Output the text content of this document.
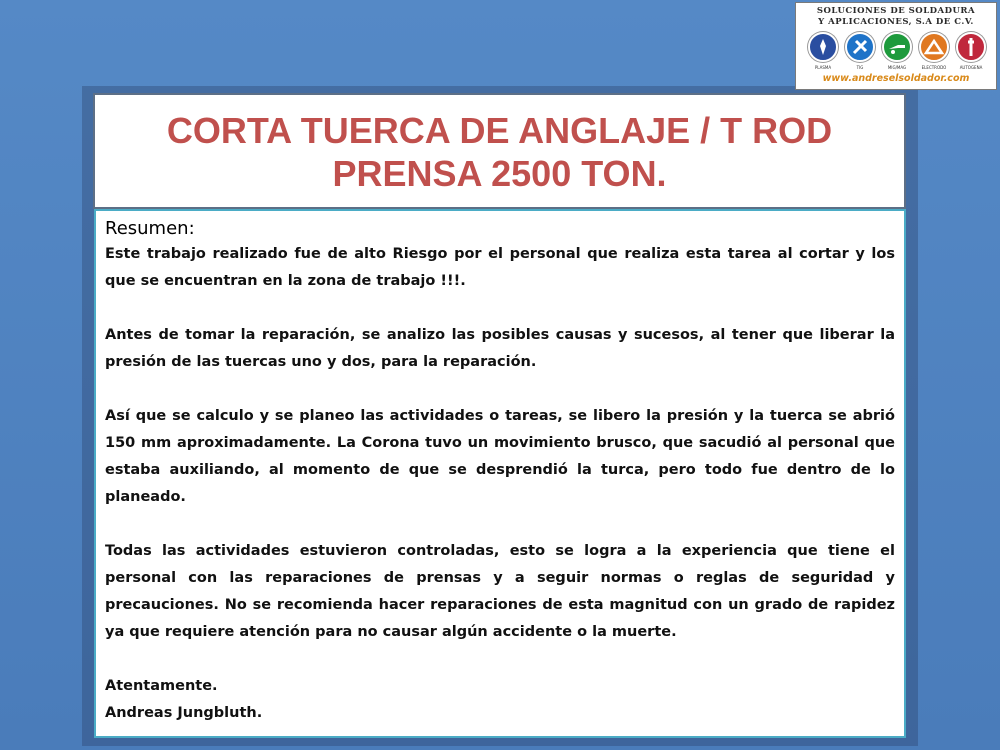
SOLUCIONES DE SOLDADURA
Y APLICACIONES, S.A DE C.V.
PLASMA	TIG	MIG/MAG	ELECTRODO	AUTOGENA
www.andreselsoldador.com
CORTA TUERCA DE ANGLAJE / T ROD
PRENSA 2500 TON.

Resumen:

Este trabajo realizado fue de alto Riesgo por el personal que realiza esta tarea al cortar y los que se encuentran en la zona de trabajo !!!.

Antes de tomar la reparación, se analizo las posibles causas y sucesos, al tener que liberar la presión de las tuercas uno y dos, para la reparación.

Así que se calculo y se planeo las actividades o tareas, se libero la presión y la tuerca se abrió 150 mm aproximadamente. La Corona tuvo un movimiento brusco, que sacudió al personal que estaba auxiliando, al momento de que se desprendió la turca, pero todo fue dentro de lo planeado.

Todas las actividades estuvieron controladas, esto se logra a la experiencia que tiene el personal con las reparaciones de prensas y a seguir normas o reglas de seguridad y precauciones. No se recomienda hacer reparaciones de esta magnitud con un grado de rapidez ya que requiere atención para no causar algún accidente o la muerte.

Atentamente.

Andreas Jungbluth.
